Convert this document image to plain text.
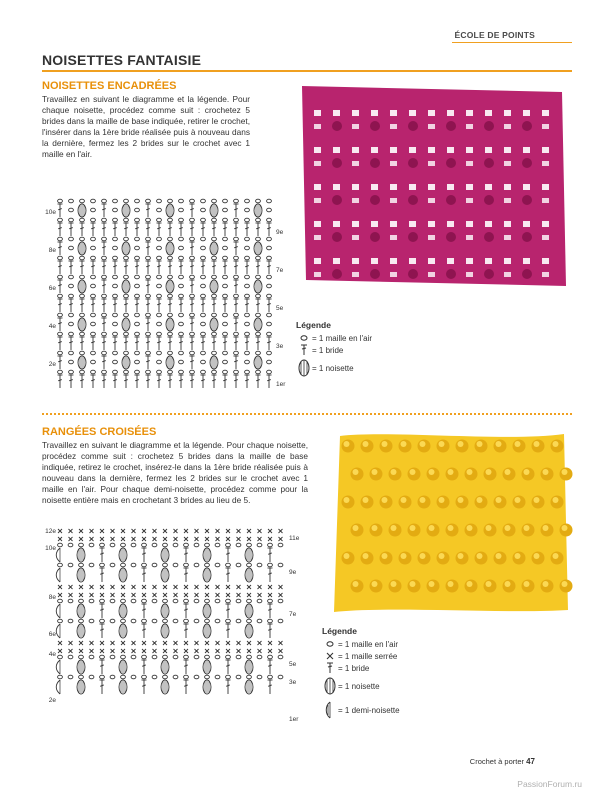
ÉCOLE DE POINTS
NOISETTES FANTAISIE
NOISETTES ENCADRÉES
Travaillez en suivant le diagramme et la légende. Pour chaque noisette, procédez comme suit : crochetez 5 brides dans la maille de base indiquée, retirer le crochet, l'insérer dans la 1ère bride réalisée puis à nouveau dans la dernière, fermez les 2 brides sur le crochet avec 1 maille en l'air.
10e
8e
6e
4e
2e
9e
7e
5e
3e
1er
Légende
= 1 maille en l'air
= 1 bride
= 1 noisette
RANGÉES CROISÉES
Travaillez en suivant le diagramme et la légende. Pour chaque noisette, procédez comme suit : crochetez 5 brides dans la maille de base indiquée, retirez le crochet, insérez-le dans la 1ère bride réalisée puis à nouveau dans la dernière, fermez les 2 brides sur le crochet avec 1 maille en l'air. Pour chaque demi-noisette, procédez comme pour la noisette entière mais en crochetant 3 brides au lieu de 5.
12e
10e
8e
6e
4e
2e
11e
9e
7e
5e
3e
1er
Légende
= 1 maille en l'air
= 1 maille serrée
= 1 bride
= 1 noisette
= 1 demi-noisette
Crochet à porter 47
PassionForum.ru
